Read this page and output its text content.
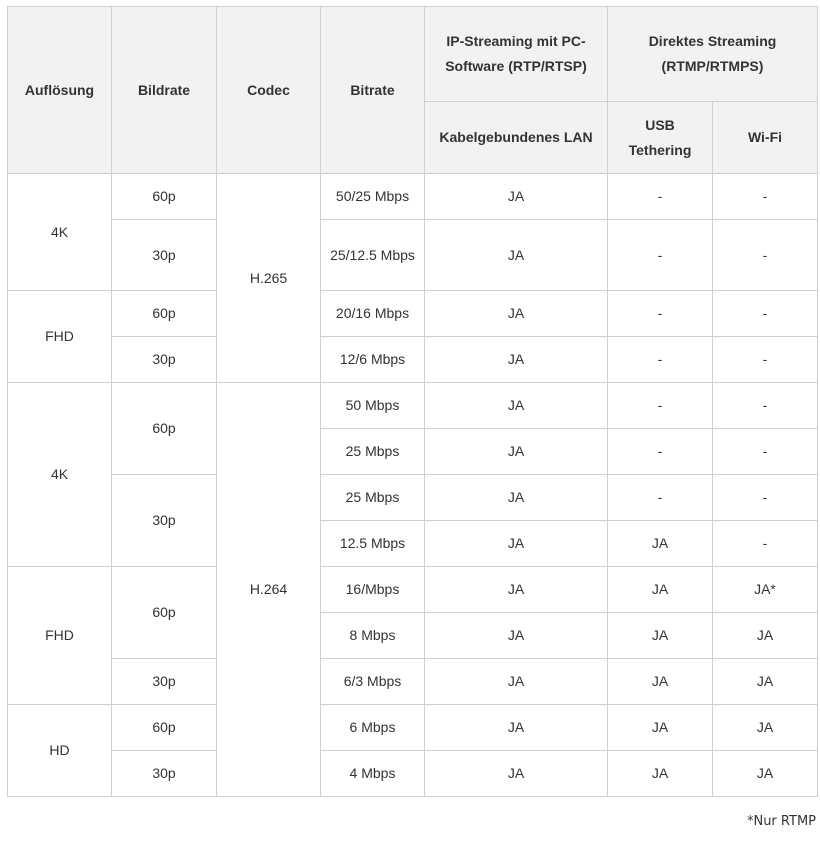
Auflösung	Bildrate	Codec	Bitrate	IP-Streaming mit PC-Software (RTP/RTSP)	Direktes Streaming (RTMP/RTMPS)	
				Kabelgebundenes LAN	USB Tethering	Wi-Fi
4K	60p	H.265	50/25 Mbps	JA	-	-
	30p		25/12.5 Mbps	JA	-	-
FHD	60p		20/16 Mbps	JA	-	-
	30p		12/6 Mbps	JA	-	-
4K	60p	H.264	50 Mbps	JA	-	-
			25 Mbps	JA	-	-
	30p		25 Mbps	JA	-	-
			12.5 Mbps	JA	JA	-
FHD	60p		16/Mbps	JA	JA	JA*
			8 Mbps	JA	JA	JA
	30p		6/3 Mbps	JA	JA	JA
HD	60p		6 Mbps	JA	JA	JA
	30p		4 Mbps	JA	JA	JA
*Nur RTMP
